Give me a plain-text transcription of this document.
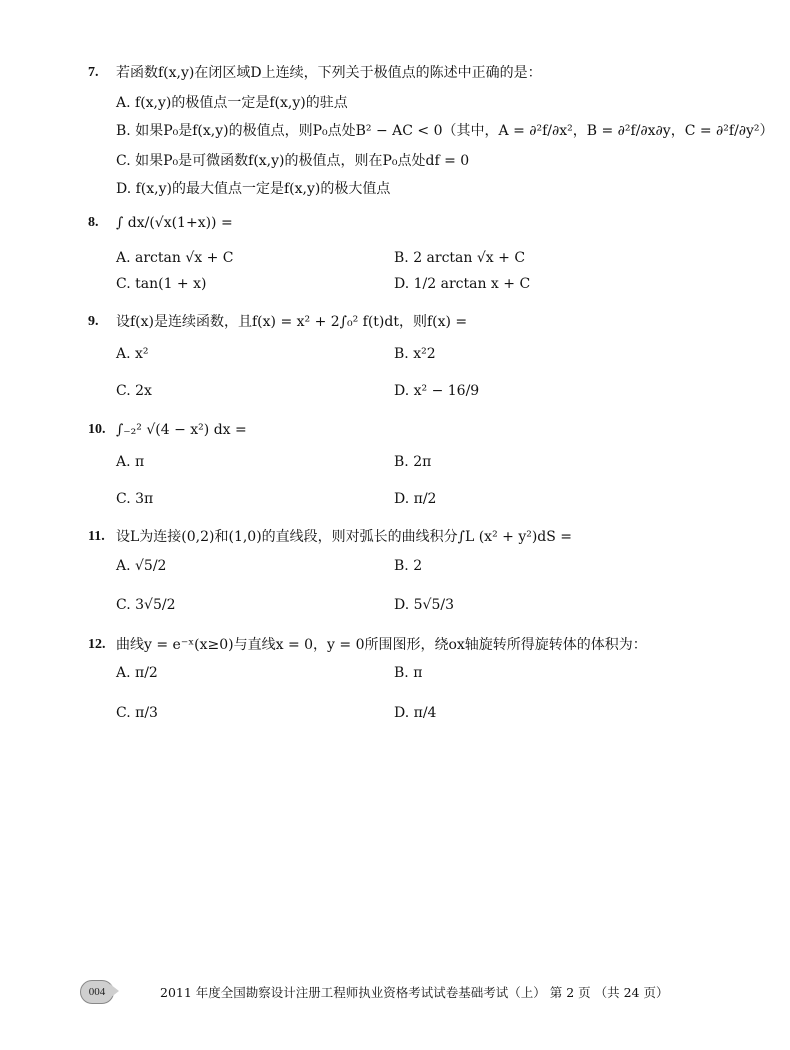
7. 若函数f(x,y)在闭区域D上连续，下列关于极值点的陈述中正确的是：
A. f(x,y)的极值点一定是f(x,y)的驻点
B. 如果P₀是f(x,y)的极值点，则P₀点处B² − AC < 0（其中，A = ∂²f/∂x²，B = ∂²f/∂x∂y，C = ∂²f/∂y²）
C. 如果P₀是可微函数f(x,y)的极值点，则在P₀点处df = 0
D. f(x,y)的最大值点一定是f(x,y)的极大值点
8. ∫ dx/(√x(1+x)) =
A. arctan √x + C	B. 2 arctan √x + C
C. tan(1 + x)	D. 1/2 arctan x + C
9. 设f(x)是连续函数，且f(x) = x² + 2∫₀² f(t)dt，则f(x) =
A. x²	B. x²2
C. 2x	D. x² − 16/9
10. ∫₋₂² √(4 − x²) dx =
A. π	B. 2π
C. 3π	D. π/2
11. 设L为连接(0,2)和(1,0)的直线段，则对弧长的曲线积分∫L (x² + y²)dS =
A. √5/2	B. 2
C. 3√5/2	D. 5√5/3
12. 曲线y = e⁻ˣ(x≥0)与直线x = 0，y = 0所围图形，绕ox轴旋转所得旋转体的体积为：
A. π/2	B. π
C. π/3	D. π/4
004	2011 年度全国勘察设计注册工程师执业资格考试试卷基础考试（上） 第 2 页 （共 24 页）
